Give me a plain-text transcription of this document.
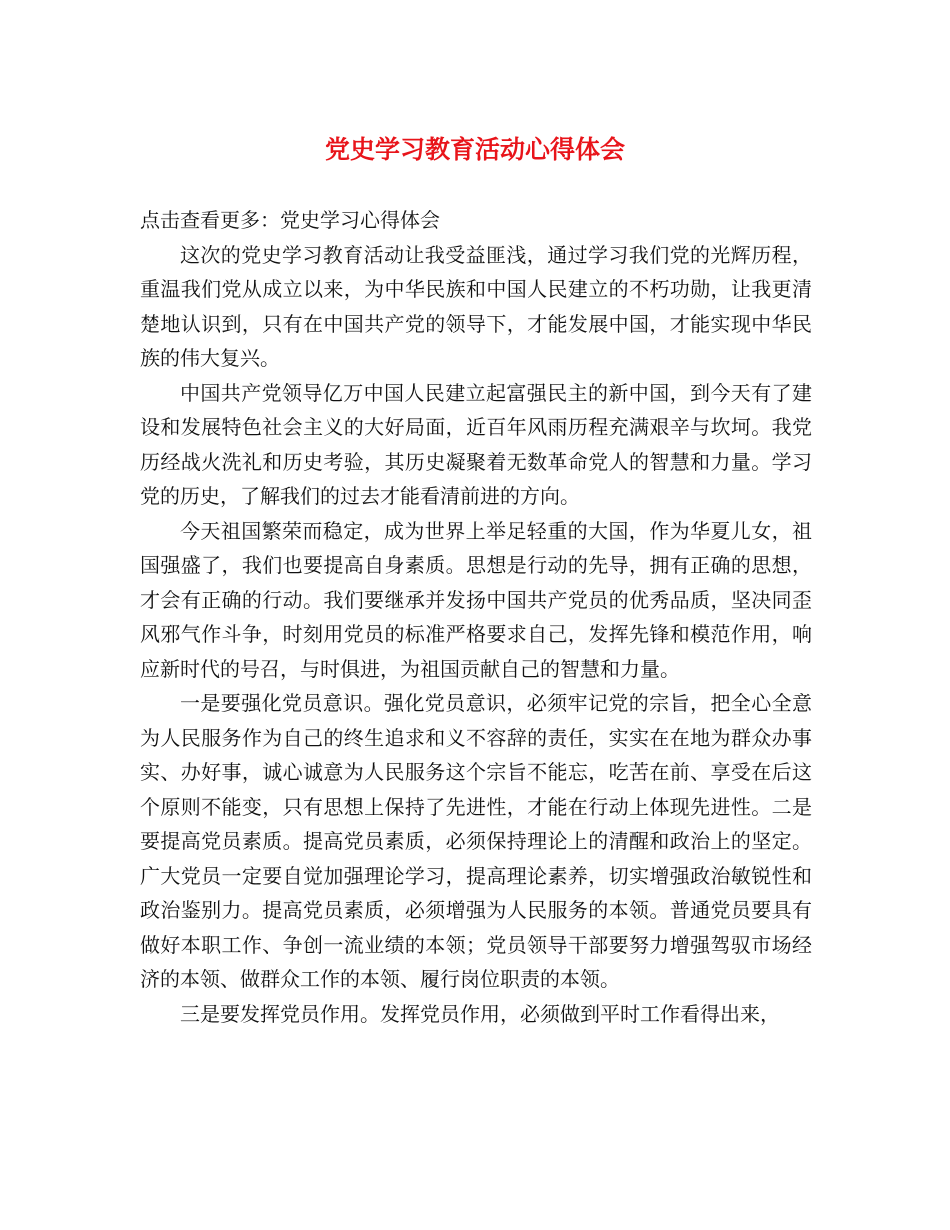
党史学习教育活动心得体会

点击查看更多：党史学习心得体会

这次的党史学习教育活动让我受益匪浅，通过学习我们党的光辉历程，重温我们党从成立以来，为中华民族和中国人民建立的不朽功勋，让我更清楚地认识到，只有在中国共产党的领导下，才能发展中国，才能实现中华民族的伟大复兴。

中国共产党领导亿万中国人民建立起富强民主的新中国，到今天有了建设和发展特色社会主义的大好局面，近百年风雨历程充满艰辛与坎坷。我党历经战火洗礼和历史考验，其历史凝聚着无数革命党人的智慧和力量。学习党的历史，了解我们的过去才能看清前进的方向。

今天祖国繁荣而稳定，成为世界上举足轻重的大国，作为华夏儿女，祖国强盛了，我们也要提高自身素质。思想是行动的先导，拥有正确的思想，才会有正确的行动。我们要继承并发扬中国共产党员的优秀品质，坚决同歪风邪气作斗争，时刻用党员的标准严格要求自己，发挥先锋和模范作用，响应新时代的号召，与时俱进，为祖国贡献自己的智慧和力量。

一是要强化党员意识。强化党员意识，必须牢记党的宗旨，把全心全意为人民服务作为自己的终生追求和义不容辞的责任，实实在在地为群众办事实、办好事，诚心诚意为人民服务这个宗旨不能忘，吃苦在前、享受在后这个原则不能变，只有思想上保持了先进性，才能在行动上体现先进性。二是要提高党员素质。提高党员素质，必须保持理论上的清醒和政治上的坚定。广大党员一定要自觉加强理论学习，提高理论素养，切实增强政治敏锐性和政治鉴别力。提高党员素质，必须增强为人民服务的本领。普通党员要具有做好本职工作、争创一流业绩的本领；党员领导干部要努力增强驾驭市场经济的本领、做群众工作的本领、履行岗位职责的本领。

三是要发挥党员作用。发挥党员作用，必须做到平时工作看得出来，
